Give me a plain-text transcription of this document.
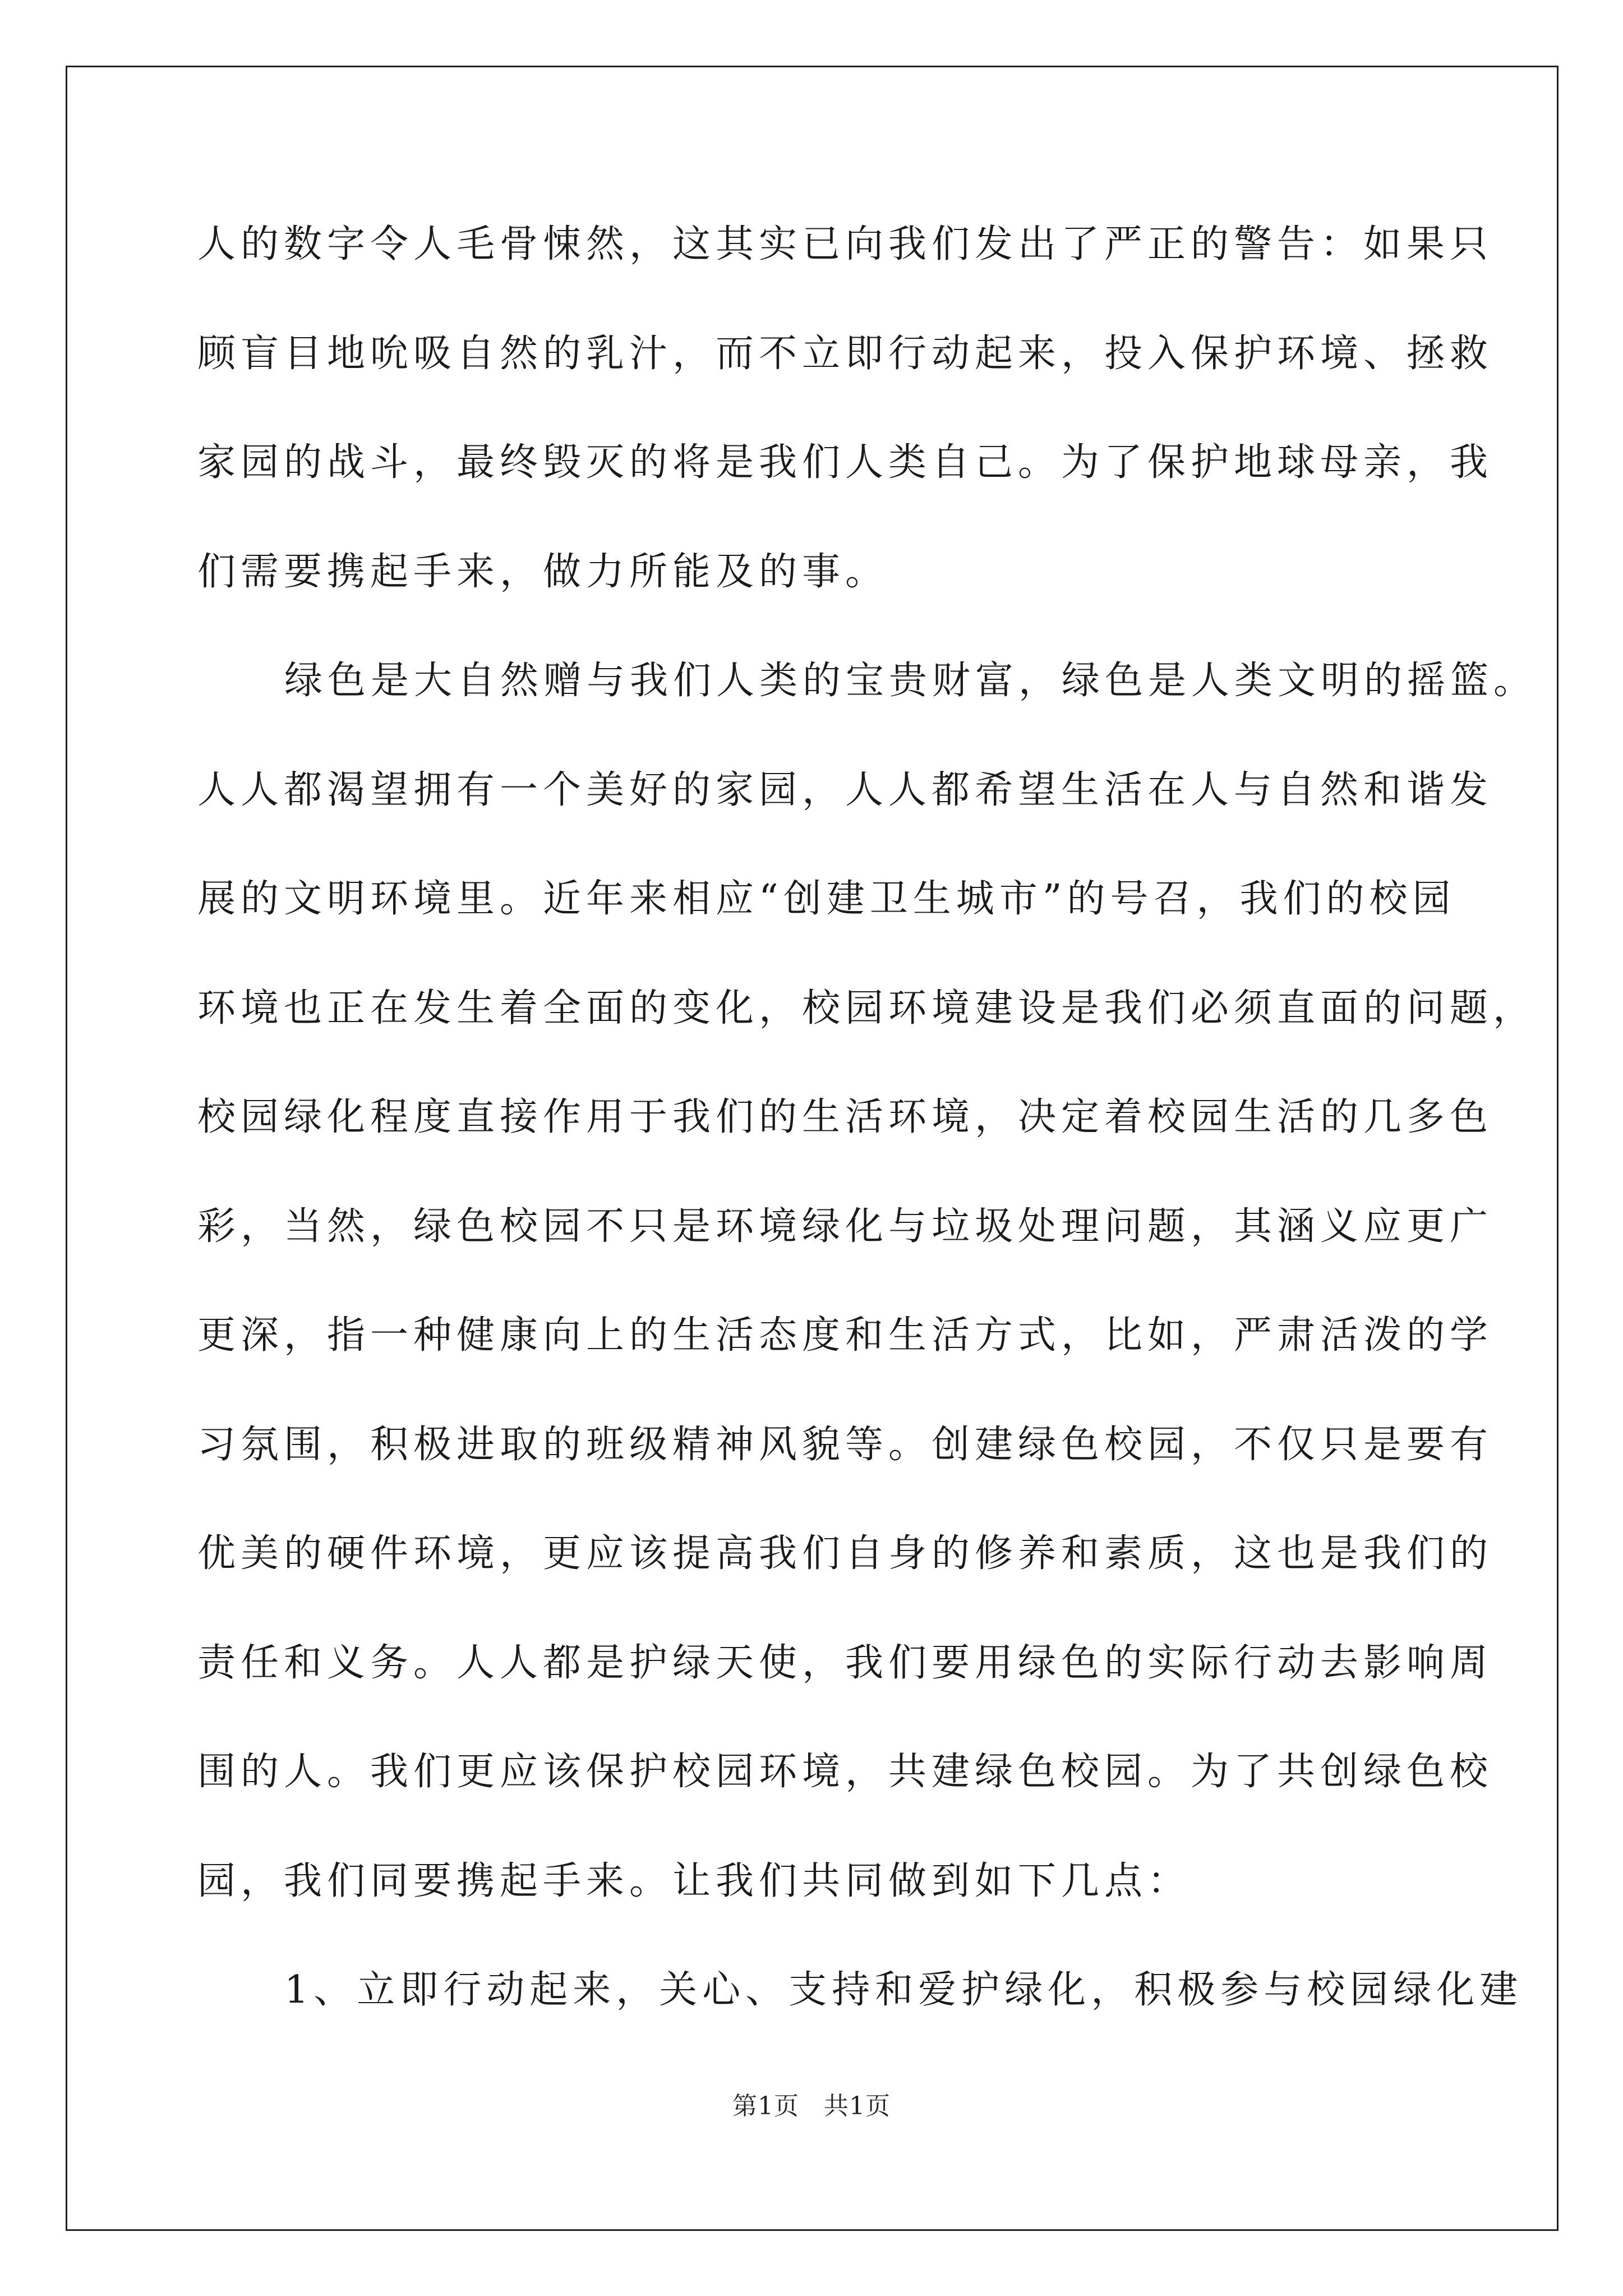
人的数字令人毛骨悚然，这其实已向我们发出了严正的警告：如果只
顾盲目地吮吸自然的乳汁，而不立即行动起来，投入保护环境、拯救
家园的战斗，最终毁灭的将是我们人类自己。为了保护地球母亲，我
们需要携起手来，做力所能及的事。
绿色是大自然赠与我们人类的宝贵财富，绿色是人类文明的摇篮。
人人都渴望拥有一个美好的家园，人人都希望生活在人与自然和谐发
展的文明环境里。近年来相应“创建卫生城市”的号召，我们的校园
环境也正在发生着全面的变化，校园环境建设是我们必须直面的问题，
校园绿化程度直接作用于我们的生活环境，决定着校园生活的几多色
彩，当然，绿色校园不只是环境绿化与垃圾处理问题，其涵义应更广
更深，指一种健康向上的生活态度和生活方式，比如，严肃活泼的学
习氛围，积极进取的班级精神风貌等。创建绿色校园，不仅只是要有
优美的硬件环境，更应该提高我们自身的修养和素质，这也是我们的
责任和义务。人人都是护绿天使，我们要用绿色的实际行动去影响周
围的人。我们更应该保护校园环境，共建绿色校园。为了共创绿色校
园，我们同要携起手来。让我们共同做到如下几点：
1、立即行动起来，关心、支持和爱护绿化，积极参与校园绿化建
第1页 共1页
